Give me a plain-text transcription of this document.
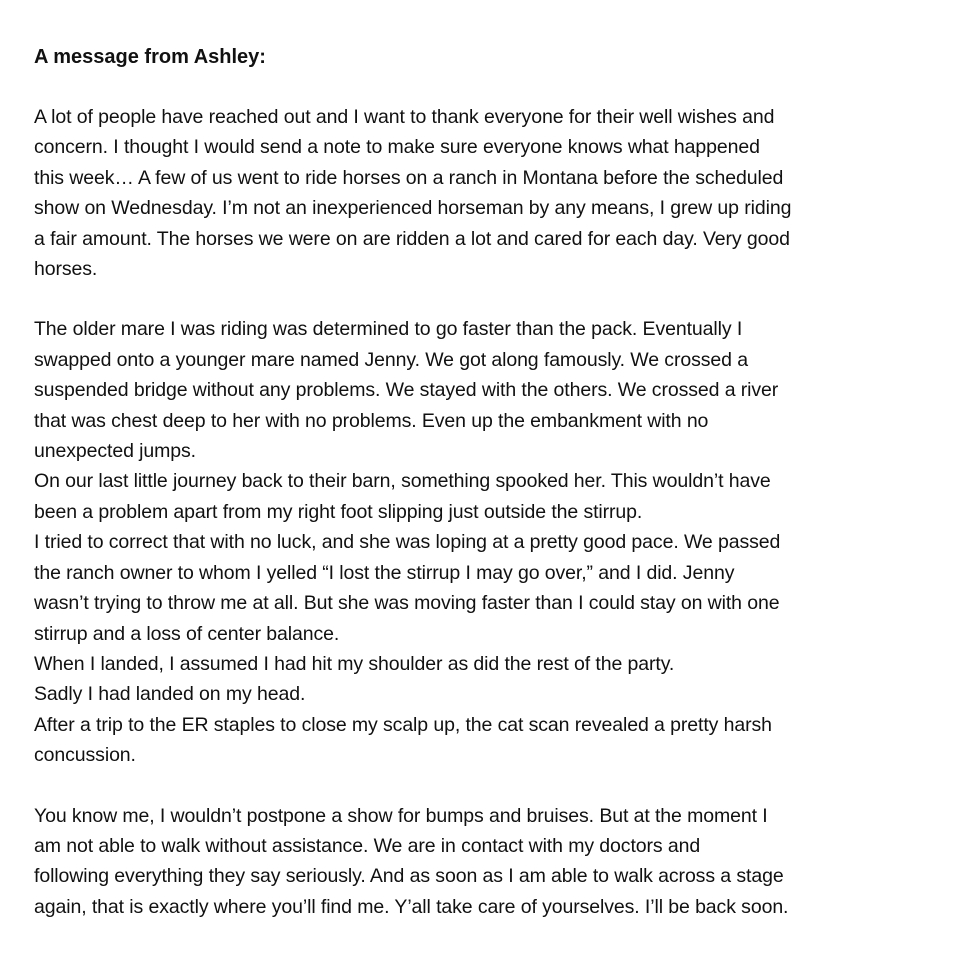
A message from Ashley:
A lot of people have reached out and I want to thank everyone for their well wishes and
concern. I thought I would send a note to make sure everyone knows what happened
this week… A few of us went to ride horses on a ranch in Montana before the scheduled
show on Wednesday. I’m not an inexperienced horseman by any means, I grew up riding
a fair amount. The horses we were on are ridden a lot and cared for each day. Very good
horses.
The older mare I was riding was determined to go faster than the pack. Eventually I
swapped onto a younger mare named Jenny. We got along famously. We crossed a
suspended bridge without any problems. We stayed with the others. We crossed a river
that was chest deep to her with no problems. Even up the embankment with no
unexpected jumps.
On our last little journey back to their barn, something spooked her. This wouldn’t have
been a problem apart from my right foot slipping just outside the stirrup.
I tried to correct that with no luck, and she was loping at a pretty good pace. We passed
the ranch owner to whom I yelled “I lost the stirrup I may go over,” and I did. Jenny
wasn’t trying to throw me at all. But she was moving faster than I could stay on with one
stirrup and a loss of center balance.
When I landed, I assumed I had hit my shoulder as did the rest of the party.
Sadly I had landed on my head.
After a trip to the ER staples to close my scalp up, the cat scan revealed a pretty harsh
concussion.
You know me, I wouldn’t postpone a show for bumps and bruises. But at the moment I
am not able to walk without assistance. We are in contact with my doctors and
following everything they say seriously. And as soon as I am able to walk across a stage
again, that is exactly where you’ll find me. Y’all take care of yourselves. I’ll be back soon.
